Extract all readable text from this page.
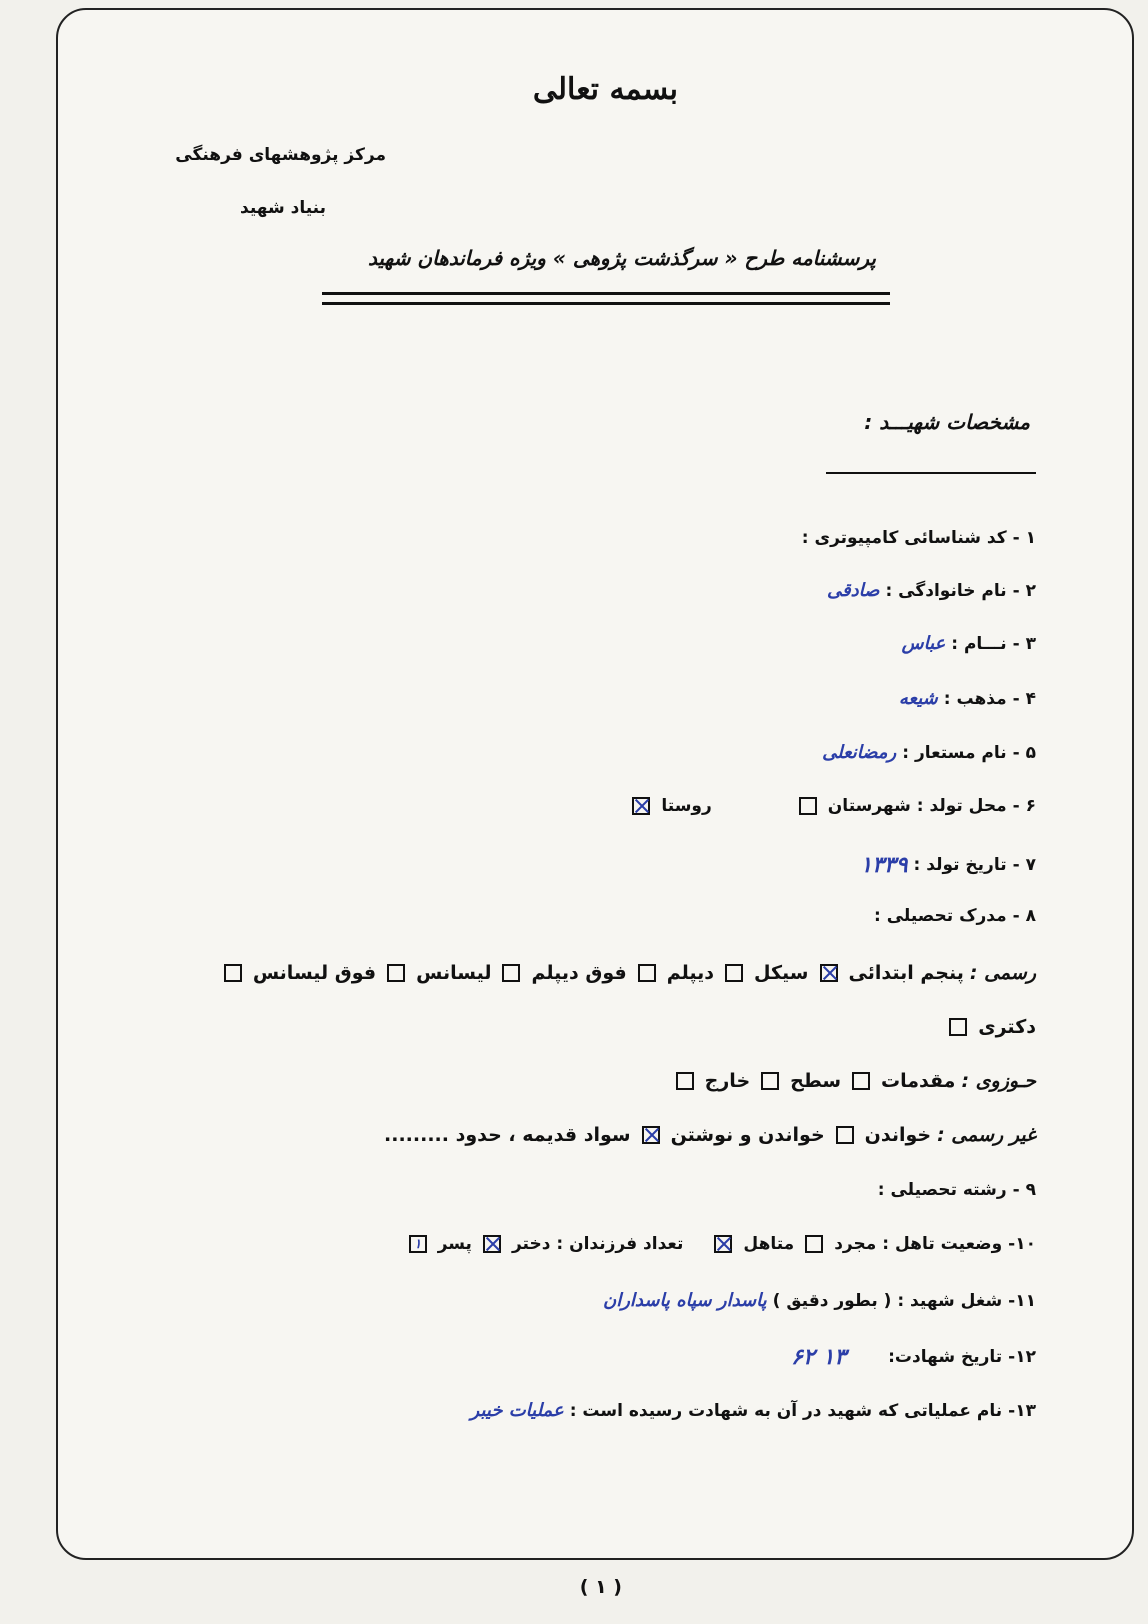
بسمه تعالی
مرکز پژوهشهای فرهنگی
بنیاد شهید
پرسشنامه طرح « سرگذشت پژوهی » ویژه فرماندهان شهید
مشخصات شهیـــد :
۱ -
کد شناسائی کامپیوتری :
۲ -
نام خانوادگی :
صادقی
۳ -
نـــام :
عباس
۴ -
مذهب :
شیعه
۵ -
نام مستعار :
رمضانعلی
۶ -
محل تولد : شهرستان
روستا
۷ -
تاریخ تولد :
۱۳۳۹
۸ -
مدرک تحصیلی :
رسمی :
پنجم ابتدائی
سیکل
دیپلم
فوق دیپلم
لیسانس
فوق لیسانس
دکتری
حـوزوی :
مقدمات
سطح
خارج
غیر رسمی :
خواندن
خواندن و نوشتن
سواد قدیمه ، حدود .........
۹ -
رشته تحصیلی :
۱۰-
وضعیت تاهل :
مجرد
متاهل
تعداد فرزندان : دختر
پسر
۱
۱۱-
شغل شهید : ( بطور دقیق )
پاسدار سپاه پاسداران
۱۲-
تاریخ شهادت:
۱۳ ۶۲
۱۳-
نام عملیاتی که شهید در آن به شهادت رسیده است :
عملیات خیبر
( ۱ )
